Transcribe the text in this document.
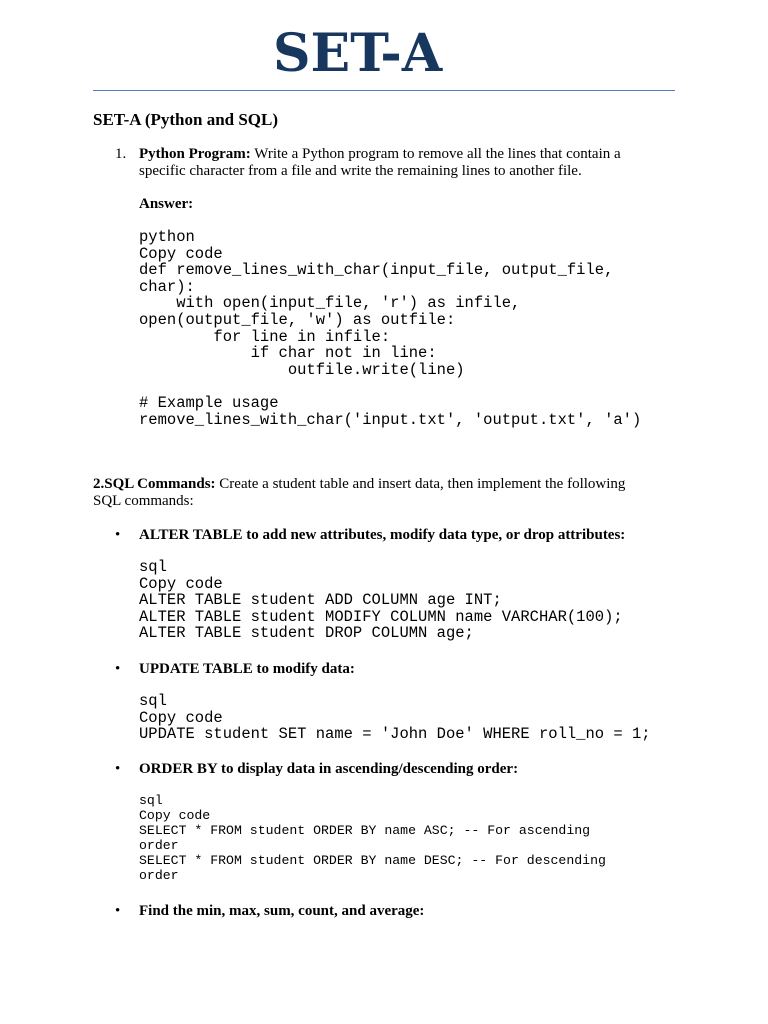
SET-A
SET-A (Python and SQL)
1. Python Program: Write a Python program to remove all the lines that contain a
specific character from a file and write the remaining lines to another file.
Answer:
python
Copy code
def remove_lines_with_char(input_file, output_file,
char):
with open(input_file, 'r') as infile,
open(output_file, 'w') as outfile:
for line in infile:
if char not in line:
outfile.write(line)

# Example usage
remove_lines_with_char('input.txt', 'output.txt', 'a')
2.SQL Commands: Create a student table and insert data, then implement the following
SQL commands:
• ALTER TABLE to add new attributes, modify data type, or drop attributes:
sql
Copy code
ALTER TABLE student ADD COLUMN age INT;
ALTER TABLE student MODIFY COLUMN name VARCHAR(100);
ALTER TABLE student DROP COLUMN age;
• UPDATE TABLE to modify data:
sql
Copy code
UPDATE student SET name = 'John Doe' WHERE roll_no = 1;
• ORDER BY to display data in ascending/descending order:
sql
Copy code
SELECT * FROM student ORDER BY name ASC; -- For ascending
order
SELECT * FROM student ORDER BY name DESC; -- For descending
order
• Find the min, max, sum, count, and average:
